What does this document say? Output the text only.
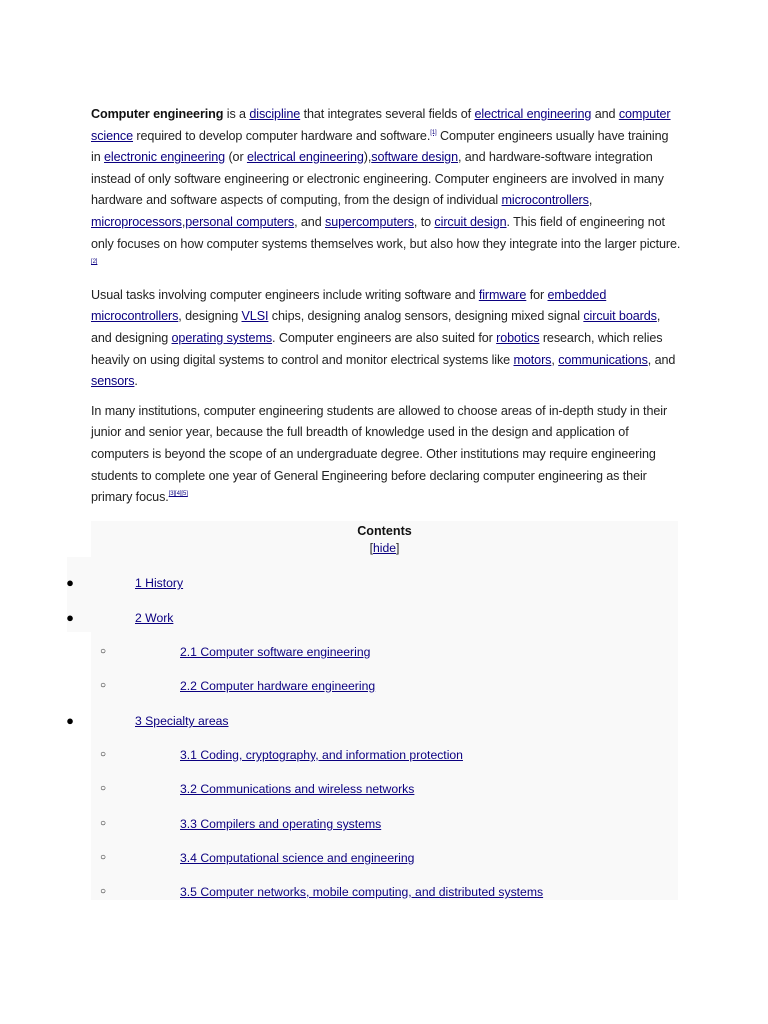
Computer engineering is a discipline that integrates several fields of electrical engineering and computer science required to develop computer hardware and software.[1] Computer engineers usually have training in electronic engineering (or electrical engineering),software design, and hardware-software integration instead of only software engineering or electronic engineering. Computer engineers are involved in many hardware and software aspects of computing, from the design of individual microcontrollers, microprocessors,personal computers, and supercomputers, to circuit design. This field of engineering not only focuses on how computer systems themselves work, but also how they integrate into the larger picture.[2]

Usual tasks involving computer engineers include writing software and firmware for embedded microcontrollers, designing VLSI chips, designing analog sensors, designing mixed signal circuit boards, and designing operating systems. Computer engineers are also suited for robotics research, which relies heavily on using digital systems to control and monitor electrical systems like motors, communications, and sensors.

In many institutions, computer engineering students are allowed to choose areas of in-depth study in their junior and senior year, because the full breadth of knowledge used in the design and application of computers is beyond the scope of an undergraduate degree. Other institutions may require engineering students to complete one year of General Engineering before declaring computer engineering as their primary focus.[3][4][5]

Contents
[hide]
●	1 History
●	2 Work
○	2.1 Computer software engineering
○	2.2 Computer hardware engineering
●	3 Specialty areas
○	3.1 Coding, cryptography, and information protection
○	3.2 Communications and wireless networks
○	3.3 Compilers and operating systems
○	3.4 Computational science and engineering
○	3.5 Computer networks, mobile computing, and distributed systems
